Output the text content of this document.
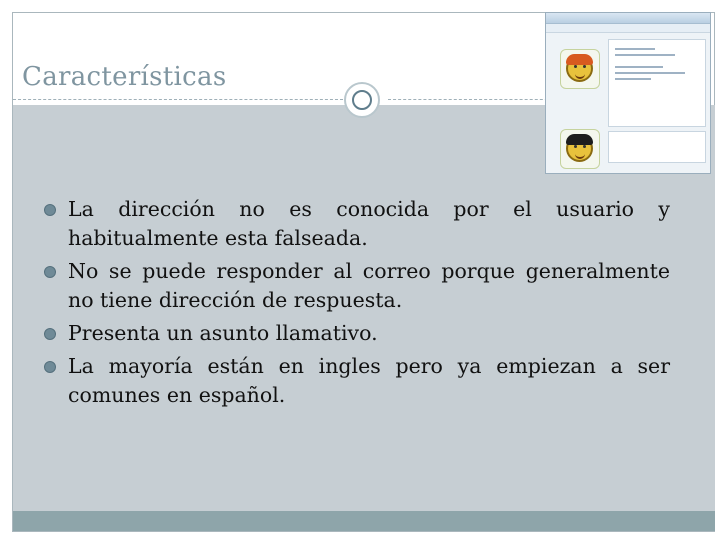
Características
La dirección no es conocida por el usuario y habitualmente esta falseada.
No se puede responder al correo porque generalmente no tiene dirección de respuesta.
Presenta un asunto llamativo.
La mayoría están en ingles pero ya empiezan a ser comunes en español.
